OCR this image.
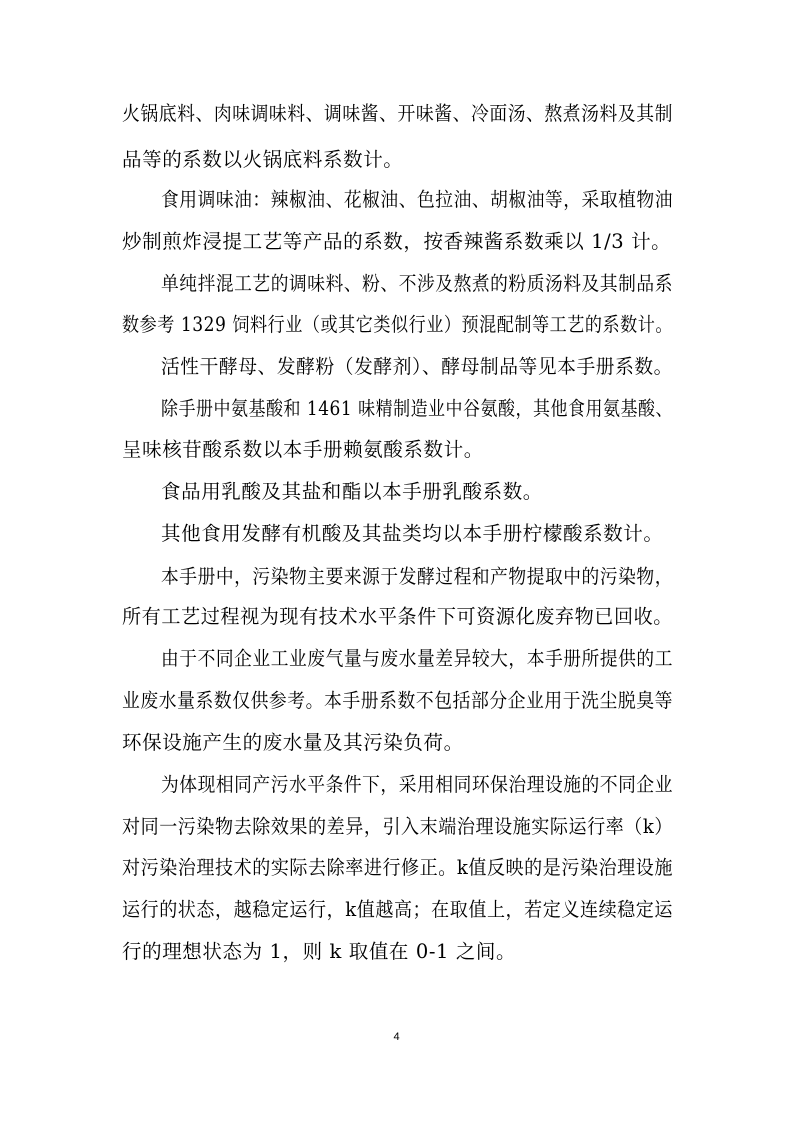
火锅底料、肉味调味料、调味酱、开味酱、冷面汤、熬煮汤料及其制
品等的系数以火锅底料系数计。
食用调味油：辣椒油、花椒油、色拉油、胡椒油等，采取植物油
炒制煎炸浸提工艺等产品的系数，按香辣酱系数乘以 1/3 计。
单纯拌混工艺的调味料、粉、不涉及熬煮的粉质汤料及其制品系
数参考 1329 饲料行业（或其它类似行业）预混配制等工艺的系数计。
活性干酵母、发酵粉（发酵剂）、酵母制品等见本手册系数。
除手册中氨基酸和 1461 味精制造业中谷氨酸，其他食用氨基酸、
呈味核苷酸系数以本手册赖氨酸系数计。
食品用乳酸及其盐和酯以本手册乳酸系数。
其他食用发酵有机酸及其盐类均以本手册柠檬酸系数计。
本手册中，污染物主要来源于发酵过程和产物提取中的污染物，
所有工艺过程视为现有技术水平条件下可资源化废弃物已回收。
由于不同企业工业废气量与废水量差异较大，本手册所提供的工
业废水量系数仅供参考。本手册系数不包括部分企业用于洗尘脱臭等
环保设施产生的废水量及其污染负荷。
为体现相同产污水平条件下，采用相同环保治理设施的不同企业
对同一污染物去除效果的差异，引入末端治理设施实际运行率（k）
对污染治理技术的实际去除率进行修正。k值反映的是污染治理设施
运行的状态，越稳定运行，k值越高；在取值上，若定义连续稳定运
行的理想状态为 1，则 k 取值在 0-1 之间。
4
